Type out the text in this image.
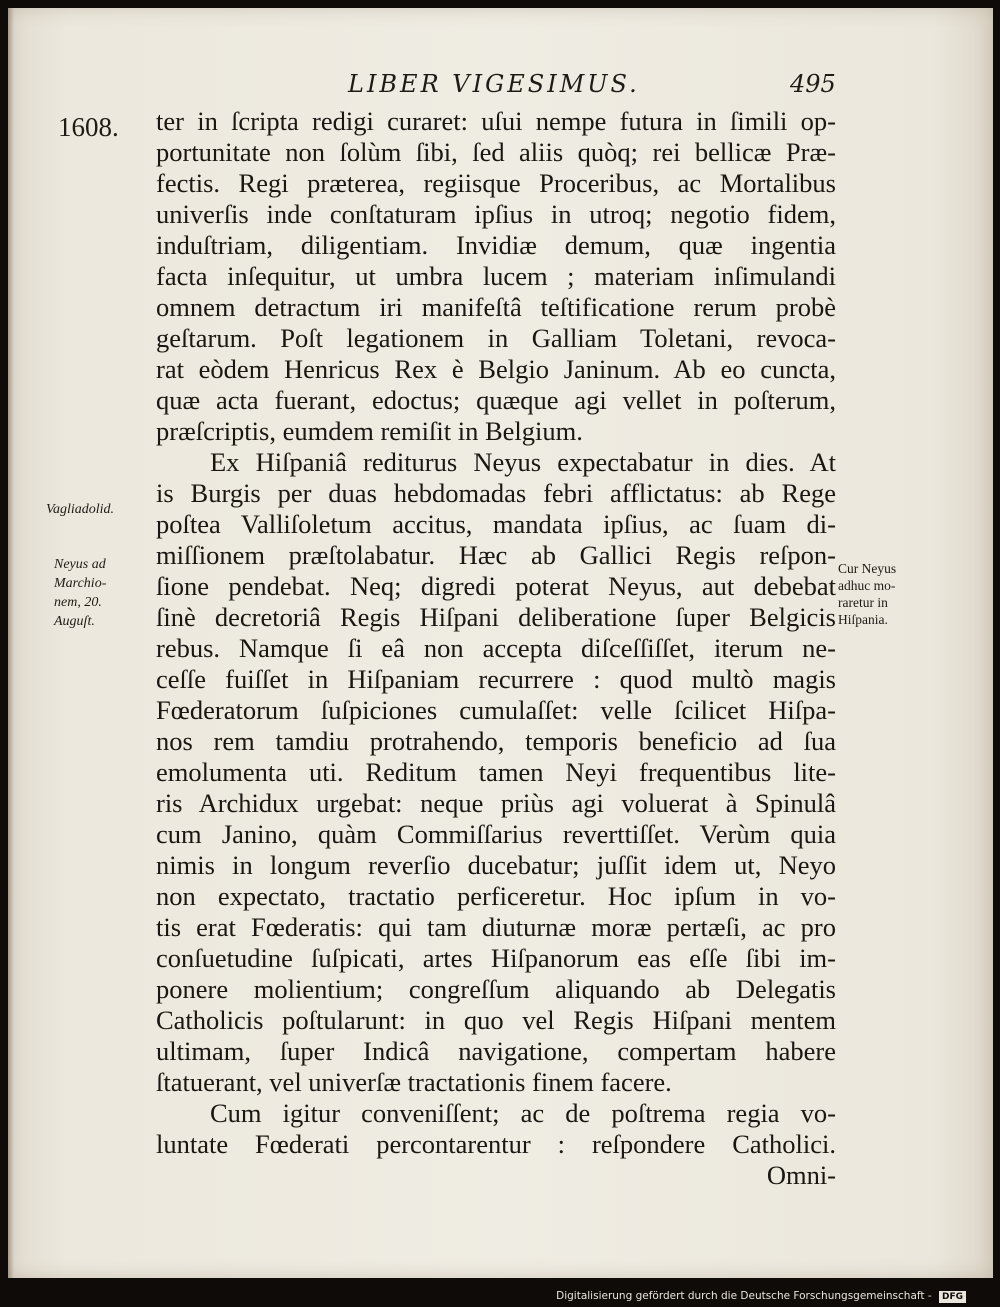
LIBER VIGESIMUS.	495
1608. ter in ſcripta redigi curaret: uſui nempe futura in ſimili op-
portunitate non ſolùm ſibi, ſed aliis quòq; rei bellicæ Præ-
fectis. Regi præterea, regiisque Proceribus, ac Mortalibus
univerſis inde conſtaturam ipſius in utroq; negotio fidem,
induſtriam, diligentiam. Invidiæ demum, quæ ingentia
facta inſequitur, ut umbra lucem ; materiam inſimulandi
omnem detractum iri manifeſtâ teſtificatione rerum probè
geſtarum. Poſt legationem in Galliam Toletani, revoca-
rat eòdem Henricus Rex è Belgio Janinum. Ab eo cuncta,
quæ acta fuerant, edoctus; quæque agi vellet in poſterum,
præſcriptis, eumdem remiſit in Belgium.
Ex Hiſpaniâ rediturus Neyus expectabatur in dies. At
is Burgis per duas hebdomadas febri afflictatus: ab Rege
poſtea Valliſoletum accitus, mandata ipſius, ac ſuam di-
miſſionem præſtolabatur. Hæc ab Gallici Regis reſpon-
ſione pendebat. Neq; digredi poterat Neyus, aut debebat
ſinè decretoriâ Regis Hiſpani deliberatione ſuper Belgicis
rebus. Namque ſi eâ non accepta diſceſſiſſet, iterum ne-
ceſſe fuiſſet in Hiſpaniam recurrere : quod multò magis
Fœderatorum ſuſpiciones cumulaſſet: velle ſcilicet Hiſpa-
nos rem tamdiu protrahendo, temporis beneficio ad ſua
emolumenta uti. Reditum tamen Neyi frequentibus lite-
ris Archidux urgebat: neque priùs agi voluerat à Spinulâ
cum Janino, quàm Commiſſarius reverttiſſet. Verùm quia
nimis in longum reverſio ducebatur; juſſit idem ut, Neyo
non expectato, tractatio perficeretur. Hoc ipſum in vo-
tis erat Fœderatis: qui tam diuturnæ moræ pertæſi, ac pro
conſuetudine ſuſpicati, artes Hiſpanorum eas eſſe ſibi im-
ponere molientium; congreſſum aliquando ab Delegatis
Catholicis poſtularunt: in quo vel Regis Hiſpani mentem
ultimam, ſuper Indicâ navigatione, compertam habere
ſtatuerant, vel univerſæ tractationis finem facere.
Cum igitur conveniſſent; ac de poſtrema regia vo-
luntate Fœderati percontarentur : reſpondere Catholici.
Omni-
Vagliadolid.
Neyus ad
Marchio-
nem, 20.
Auguſt.
Cur Neyus
adhuc mo-
raretur in
Hiſpania.
Digitalisierung gefördert durch die Deutsche Forschungsgemeinschaft - DFG
